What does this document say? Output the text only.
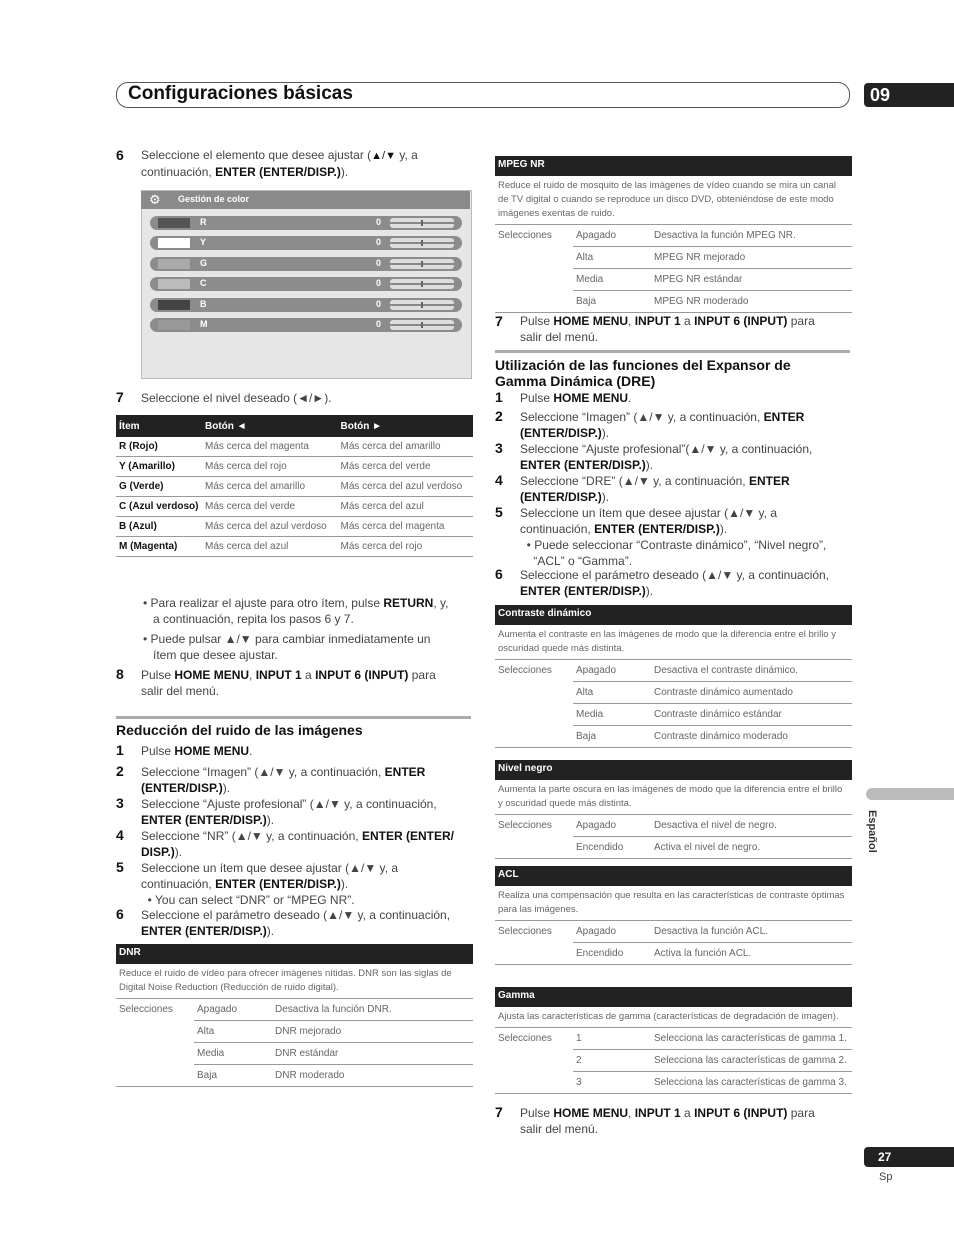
Configuraciones básicas	09
6 Seleccione el elemento que desee ajustar (▲/▼ y, a
continuación, ENTER (ENTER/DISP.)).
⚙ Gestión de color
R	0
Y	0
G	0
C	0
B	0
M	0
7 Seleccione el nivel deseado (◄/►).
Ítem	Botón ◄	Botón ►
R (Rojo)	Más cerca del magenta	Más cerca del amarillo
Y (Amarillo)	Más cerca del rojo	Más cerca del verde
G (Verde)	Más cerca del amarillo	Más cerca del azul verdoso
C (Azul verdoso)	Más cerca del verde	Más cerca del azul
B (Azul)	Más cerca del azul verdoso	Más cerca del magenta
M (Magenta)	Más cerca del azul	Más cerca del rojo
• Para realizar el ajuste para otro ítem, pulse RETURN, y,
a continuación, repita los pasos 6 y 7.
• Puede pulsar ▲/▼ para cambiar inmediatamente un
ítem que desee ajustar.
8 Pulse HOME MENU, INPUT 1 a INPUT 6 (INPUT) para
salir del menú.
Reducción del ruido de las imágenes
1 Pulse HOME MENU.
2 Seleccione “Imagen” (▲/▼ y, a continuación, ENTER
(ENTER/DISP.)).
3 Seleccione “Ajuste profesional” (▲/▼ y, a continuación,
ENTER (ENTER/DISP.)).
4 Seleccione “NR” (▲/▼ y, a continuación, ENTER (ENTER/
DISP.)).
5 Seleccione un ítem que desee ajustar (▲/▼ y, a
continuación, ENTER (ENTER/DISP.)).
• You can select “DNR” or “MPEG NR”.
6 Seleccione el parámetro deseado (▲/▼ y, a continuación,
ENTER (ENTER/DISP.)).
DNR
Reduce el ruido de vídeo para ofrecer imágenes nítidas. DNR son las siglas de Digital Noise Reduction (Reducción de ruido digital).
Selecciones	Apagado	Desactiva la función DNR.
	Alta	DNR mejorado
	Media	DNR estándar
	Baja	DNR moderado
MPEG NR
Reduce el ruido de mosquito de las imágenes de vídeo cuando se mira un canal de TV digital o cuando se reproduce un disco DVD, obteniéndose de este modo imágenes exentas de ruido.
Selecciones	Apagado	Desactiva la función MPEG NR.
	Alta	MPEG NR mejorado
	Media	MPEG NR estándar
	Baja	MPEG NR moderado
7 Pulse HOME MENU, INPUT 1 a INPUT 6 (INPUT) para
salir del menú.
Utilización de las funciones del Expansor de
Gamma Dinámica (DRE)
1 Pulse HOME MENU.
2 Seleccione “Imagen” (▲/▼ y, a continuación, ENTER
(ENTER/DISP.)).
3 Seleccione “Ajuste profesional”(▲/▼ y, a continuación,
ENTER (ENTER/DISP.)).
4 Seleccione “DRE” (▲/▼ y, a continuación, ENTER
(ENTER/DISP.)).
5 Seleccione un ítem que desee ajustar (▲/▼ y, a
continuación, ENTER (ENTER/DISP.)).
• Puede seleccionar “Contraste dinámico”, “Nivel negro”,
“ACL” o “Gamma”.
6 Seleccione el parámetro deseado (▲/▼ y, a continuación,
ENTER (ENTER/DISP.)).
Contraste dinámico
Aumenta el contraste en las imágenes de modo que la diferencia entre el brillo y oscuridad quede más distinta.
Selecciones	Apagado	Desactiva el contraste dinámico.
	Alta	Contraste dinámico aumentado
	Media	Contraste dinámico estándar
	Baja	Contraste dinámico moderado
Nivel negro
Aumenta la parte oscura en las imágenes de modo que la diferencia entre el brillo y oscuridad quede más distinta.
Selecciones	Apagado	Desactiva el nivel de negro.
	Encendido	Activa el nivel de negro.
ACL
Realiza una compensación que resulta en las características de contraste óptimas para las imágenes.
Selecciones	Apagado	Desactiva la función ACL.
	Encendido	Activa la función ACL.
Gamma
Ajusta las características de gamma (características de degradación de imagen).
Selecciones	1	Selecciona las características de gamma 1.
	2	Selecciona las características de gamma 2.
	3	Selecciona las características de gamma 3.
7 Pulse HOME MENU, INPUT 1 a INPUT 6 (INPUT) para
salir del menú.
Español
27
Sp
